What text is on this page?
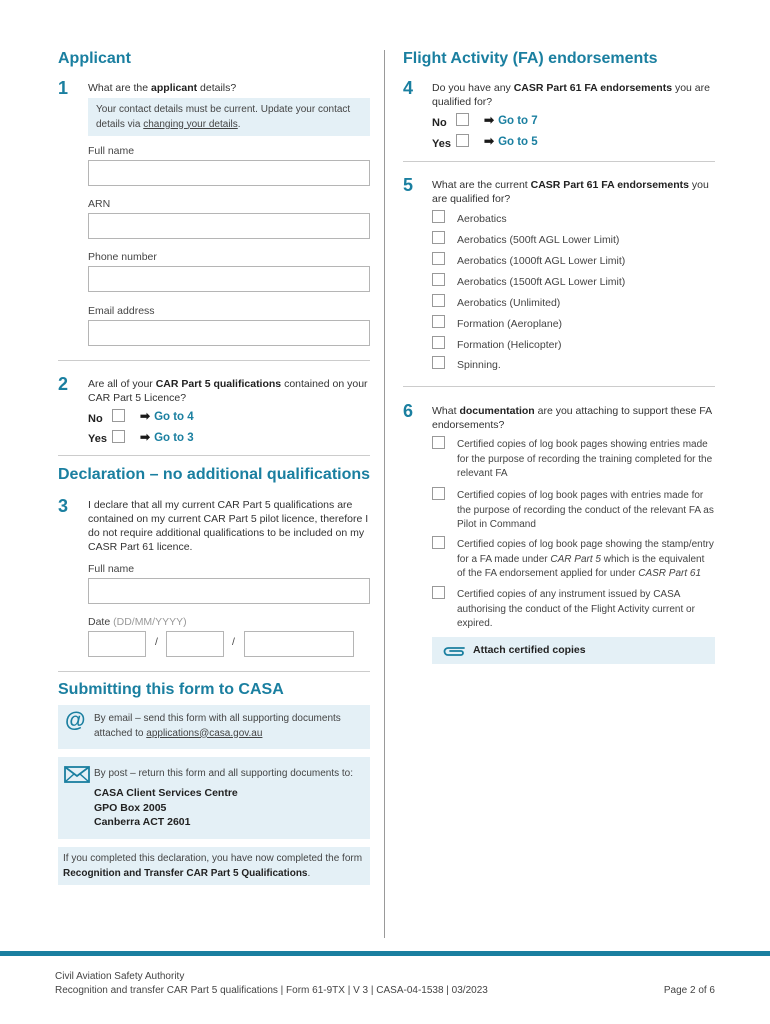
Applicant
1 What are the applicant details?
Your contact details must be current. Update your contact details via changing your details.
Full name
ARN
Phone number
Email address
2 Are all of your CAR Part 5 qualifications contained on your CAR Part 5 Licence?
No	➡ Go to 4
Yes	➡ Go to 3
Declaration – no additional qualifications
3 I declare that all my current CAR Part 5 qualifications are contained on my current CAR Part 5 pilot licence, therefore I do not require additional qualifications to be included on my CASR Part 61 licence.
Full name
Date (DD/MM/YYYY)
/	/
Submitting this form to CASA
@ By email – send this form with all supporting documents attached to applications@casa.gov.au
By post – return this form and all supporting documents to:
CASA Client Services Centre
GPO Box 2005
Canberra ACT 2601
If you completed this declaration, you have now completed the form Recognition and Transfer CAR Part 5 Qualifications.
Flight Activity (FA) endorsements
4 Do you have any CASR Part 61 FA endorsements you are qualified for?
No	➡ Go to 7
Yes	➡ Go to 5
5 What are the current CASR Part 61 FA endorsements you are qualified for?
Aerobatics
Aerobatics (500ft AGL Lower Limit)
Aerobatics (1000ft AGL Lower Limit)
Aerobatics (1500ft AGL Lower Limit)
Aerobatics (Unlimited)
Formation (Aeroplane)
Formation (Helicopter)
Spinning.
6 What documentation are you attaching to support these FA endorsements?
Certified copies of log book pages showing entries made for the purpose of recording the training completed for the relevant FA
Certified copies of log book pages with entries made for the purpose of recording the conduct of the relevant FA as Pilot in Command
Certified copies of log book page showing the stamp/entry for a FA made under CAR Part 5 which is the equivalent of the FA endorsement applied for under CASR Part 61
Certified copies of any instrument issued by CASA authorising the conduct of the Flight Activity current or expired.
Attach certified copies
Civil Aviation Safety Authority
Recognition and transfer CAR Part 5 qualifications | Form 61-9TX | V 3 | CASA-04-1538 | 03/2023	Page 2 of 6
